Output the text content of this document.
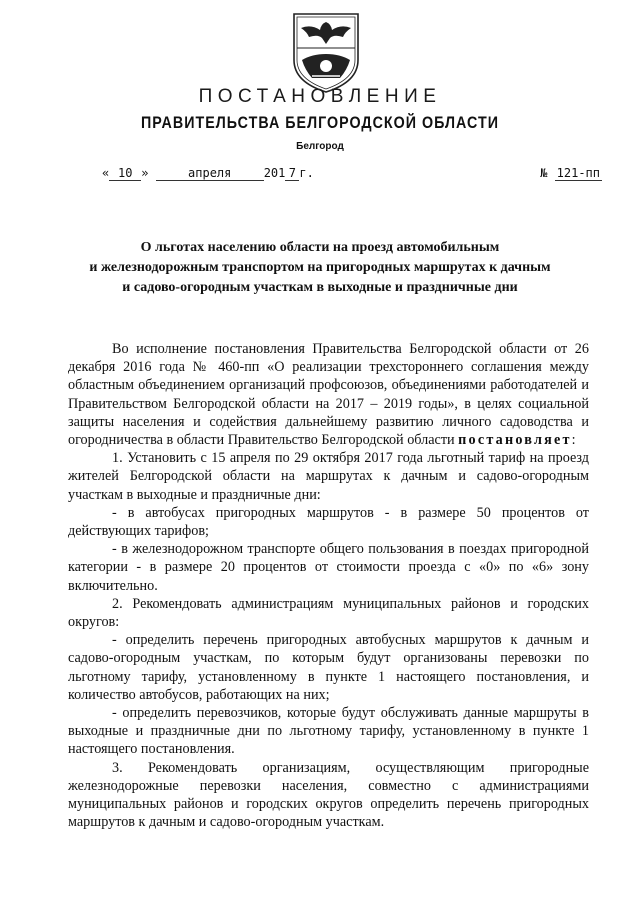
ПОСТАНОВЛЕНИЕ
ПРАВИТЕЛЬСТВА БЕЛГОРОДСКОЙ ОБЛАСТИ
Белгород
« 10 »	апреля	201 7 г.	№ 121-пп
О льготах населению области на проезд автомобильным
и железнодорожным транспортом на пригородных маршрутах к дачным
и садово-огородным участкам в выходные и праздничные дни

Во исполнение постановления Правительства Белгородской области от 26 декабря 2016 года № 460-пп «О реализации трехстороннего соглашения между областным объединением организаций профсоюзов, объединениями работодателей и Правительством Белгородской области на 2017 – 2019 годы», в целях социальной защиты населения и содействия дальнейшему развитию личного садоводства и огородничества в области Правительство Белгородской области постановляет:

1. Установить с 15 апреля по 29 октября 2017 года льготный тариф на проезд жителей Белгородской области на маршрутах к дачным и садово-огородным участкам в выходные и праздничные дни:

- в автобусах пригородных маршрутов - в размере 50 процентов от действующих тарифов;

- в железнодорожном транспорте общего пользования в поездах пригородной категории - в размере 20 процентов от стоимости проезда с «0» по «6» зону включительно.

2. Рекомендовать администрациям муниципальных районов и городских округов:

- определить перечень пригородных автобусных маршрутов к дачным и садово-огородным участкам, по которым будут организованы перевозки по льготному тарифу, установленному в пункте 1 настоящего постановления, и количество автобусов, работающих на них;

- определить перевозчиков, которые будут обслуживать данные маршруты в выходные и праздничные дни по льготному тарифу, установленному в пункте 1 настоящего постановления.

3. Рекомендовать организациям, осуществляющим пригородные железнодорожные перевозки населения, совместно с администрациями муниципальных районов и городских округов определить перечень пригородных маршрутов к дачным и садово-огородным участкам.
